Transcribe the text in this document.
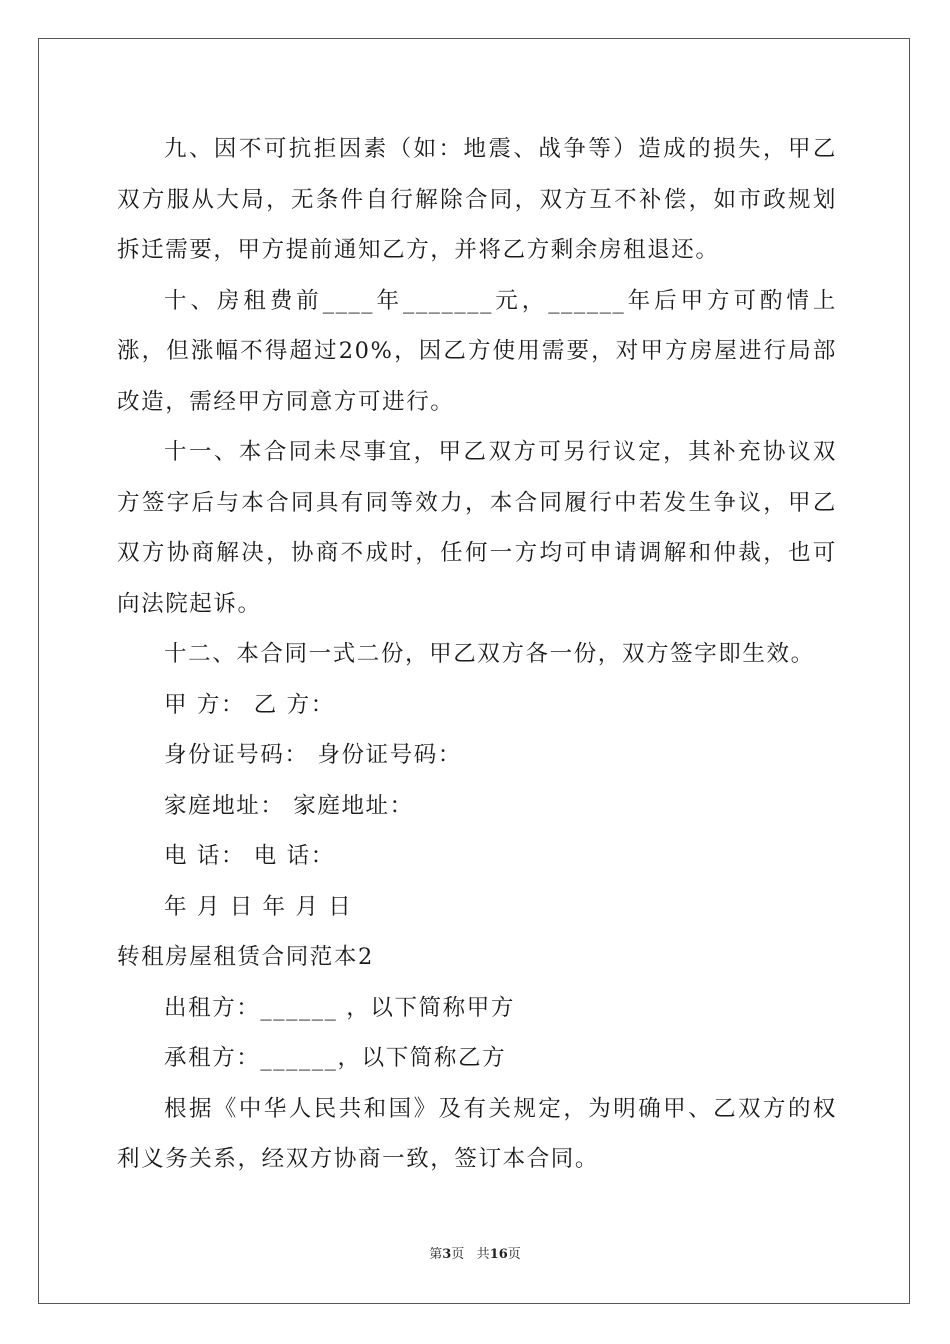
九、因不可抗拒因素（如：地震、战争等）造成的损失，甲乙双方服从大局，无条件自行解除合同，双方互不补偿，如市政规划拆迁需要，甲方提前通知乙方，并将乙方剩余房租退还。

十、房租费前____年_______元，______年后甲方可酌情上涨，但涨幅不得超过20%，因乙方使用需要，对甲方房屋进行局部改造，需经甲方同意方可进行。

十一、本合同未尽事宜，甲乙双方可另行议定，其补充协议双方签字后与本合同具有同等效力，本合同履行中若发生争议，甲乙双方协商解决，协商不成时，任何一方均可申请调解和仲裁，也可向法院起诉。

十二、本合同一式二份，甲乙双方各一份，双方签字即生效。

甲 方： 乙 方：

身份证号码： 身份证号码：

家庭地址： 家庭地址：

电 话： 电 话：

年 月 日 年 月 日

转租房屋租赁合同范本2

出租方：______ ，以下简称甲方

承租方：______，以下简称乙方

根据《中华人民共和国》及有关规定，为明确甲、乙双方的权利义务关系，经双方协商一致，签订本合同。

第3页 共16页
